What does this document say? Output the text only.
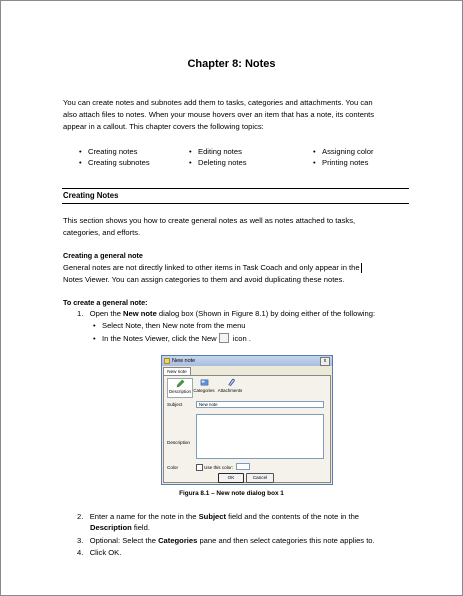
Chapter 8: Notes
You can create notes and subnotes add them to tasks, categories and attachments. You can
also attach files to notes. When your mouse hovers over an item that has a note, its contents
appear in a callout. This chapter covers the following topics:
• Creating notes	• Editing notes	• Assigning color
• Creating subnotes	• Deleting notes	• Printing notes
Creating Notes
This section shows you how to create general notes as well as notes attached to tasks,
categories, and efforts.
Creating a general note
General notes are not directly linked to other items in Task Coach and only appear in the
Notes Viewer. You can assign categories to them and avoid duplicating these notes.
To create a general note:
1. Open the New note dialog box (Shown in Figure 8.1) by doing either of the following:
• Select Note, then New note from the menu
• In the Notes Viewer, click the New icon .
New note	x
New note
Description Categories Attachments
Subject	New note
Description
Color	Use this color:
OK	Cancel
Figura 8.1 – New note dialog box 1
2. Enter a name for the note in the Subject field and the contents of the note in the
Description field.
3. Optional: Select the Categories pane and then select categories this note applies to.
4. Click OK.
